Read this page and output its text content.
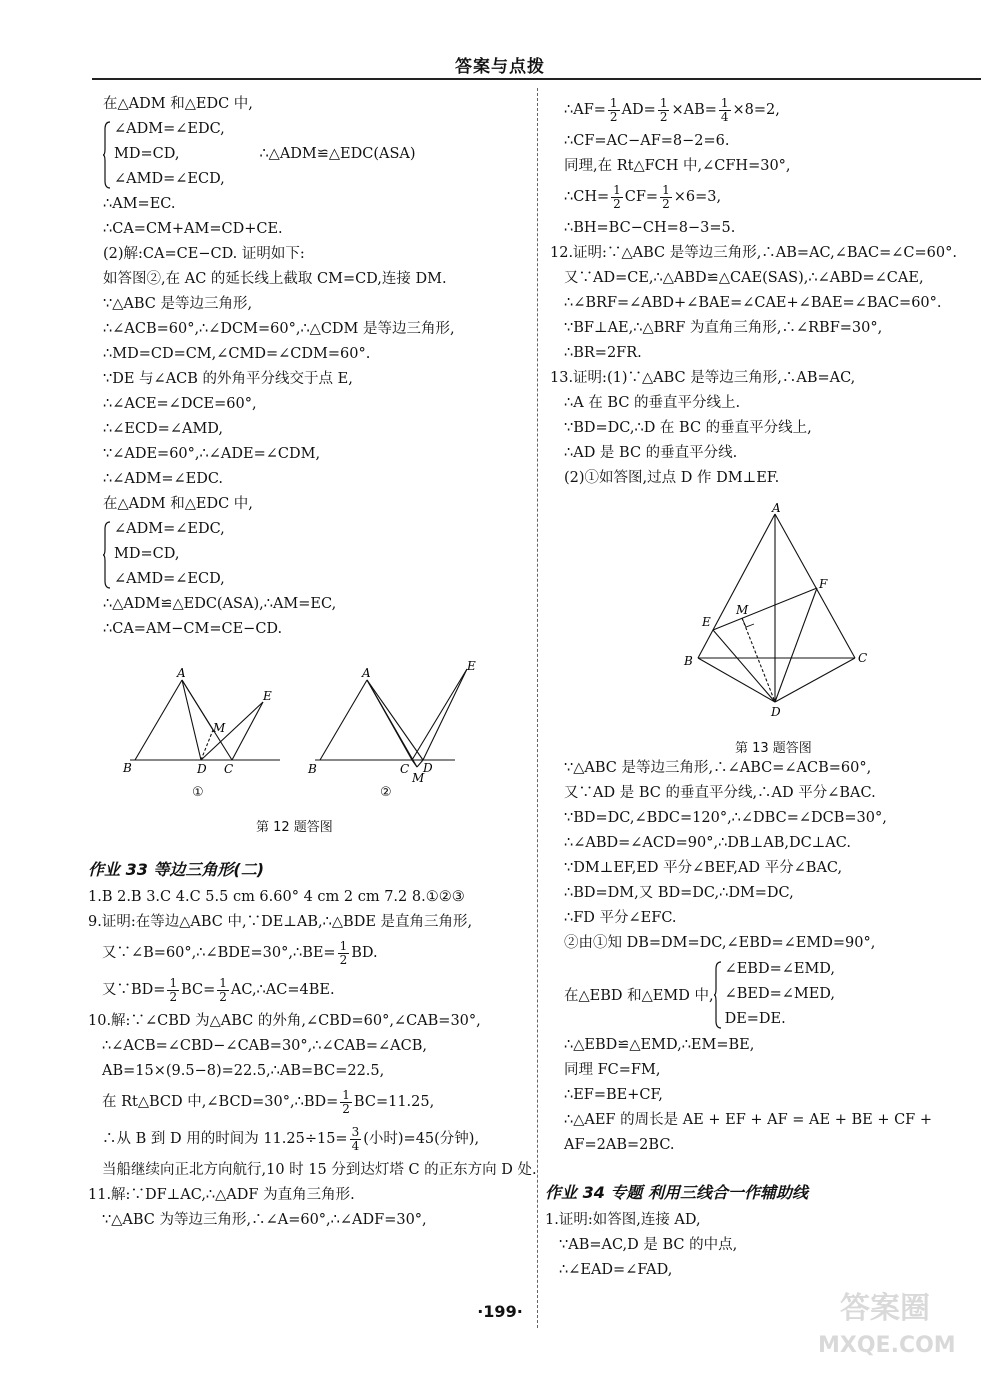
答案与点拨
在△ADM 和△EDC 中,
∠ADM=∠EDC,
MD=CD,	∴△ADM≌△EDC(ASA)
∠AMD=∠ECD,
∴AM=EC.
∴CA=CM+AM=CD+CE.
(2)解:CA=CE−CD. 证明如下:
如答图②,在 AC 的延长线上截取 CM=CD,连接 DM.
∵△ABC 是等边三角形,
∴∠ACB=60°,∴∠DCM=60°,∴△CDM 是等边三角形,
∴MD=CD=CM,∠CMD=∠CDM=60°.
∵DE 与∠ACB 的外角平分线交于点 E,
∴∠ACE=∠DCE=60°,
∴∠ECD=∠AMD,
∵∠ADE=60°,∴∠ADE=∠CDM,
∴∠ADM=∠EDC.
在△ADM 和△EDC 中,
∠ADM=∠EDC,
MD=CD,
∠AMD=∠ECD,
∴△ADM≌△EDC(ASA),∴AM=EC,
∴CA=AM−CM=CE−CD.
A
B	D C
E
M
A
B	C D
M
E
①	②
第 12 题答图
作业 33 等边三角形(二)
1.B 2.B 3.C 4.C 5.5 cm 6.60° 4 cm 2 cm 7.2 8.①②③
9.证明:在等边△ABC 中,∵DE⊥AB,∴△BDE 是直角三角形,
又∵∠B=60°,∴∠BDE=30°,∴BE= $\frac{1}{2}$ BD.
又∵BD= $\frac{1}{2} BC= \frac{1}{2}$ AC,∴AC=4BE.
10.解:∵∠CBD 为△ABC 的外角,∠CBD=60°,∠CAB=30°,
∴∠ACB=∠CBD−∠CAB=30°,∴∠CAB=∠ACB,
AB=15×(9.5−8)=22.5,∴AB=BC=22.5,
在 Rt△BCD 中,∠BCD=30°,∴BD= $\frac{1}{2} BC=11.25$,
∴从 B 到 D 用的时间为 $11.25\div 15= \frac{3}{4}$ (小时)=45(分钟),
当船继续向正北方向航行,10 时 15 分到达灯塔 C 的正东方向 D 处.
11.解:∵DF⊥AC,∴△ADF 为直角三角形.
∵△ABC 为等边三角形,∴∠A=60°,∴∠ADF=30°,
∴AF= $\frac{1}{2} AD= \frac{1}{2} \times AB= \frac{1}{4} \times 8=2$,
∴CF=AC−AF=8−2=6.
同理,在 Rt△FCH 中,∠CFH=30°,
∴CH= $\frac{1}{2} CF= \frac{1}{2} \times 6=3$,
∴BH=BC−CH=8−3=5.
12.证明:∵△ABC 是等边三角形,∴AB=AC,∠BAC=∠C=60°.
又∵AD=CE,∴△ABD≌△CAE(SAS),∴∠ABD=∠CAE,
∴∠BRF=∠ABD+∠BAE=∠CAE+∠BAE=∠BAC=60°.
∵BF⊥AE,∴△BRF 为直角三角形,∴∠RBF=30°,
∴BR=2FR.
13.证明:(1)∵△ABC 是等边三角形,∴AB=AC,
∴A 在 BC 的垂直平分线上.
∵BD=DC,∴D 在 BC 的垂直平分线上,
∴AD 是 BC 的垂直平分线.
(2)①如答图,过点 D 作 DM⊥EF.
A
B	C
D
E
F
M
第 13 题答图
∵△ABC 是等边三角形,∴∠ABC=∠ACB=60°,
又∵AD 是 BC 的垂直平分线,∴AD 平分∠BAC.
∵BD=DC,∠BDC=120°,∴∠DBC=∠DCB=30°,
∴∠ABD=∠ACD=90°,∴DB⊥AB,DC⊥AC.
∵DM⊥EF,ED 平分∠BEF,AD 平分∠BAC,
∴BD=DM,又 BD=DC,∴DM=DC,
∴FD 平分∠EFC.
②由①知 DB=DM=DC,∠EBD=∠EMD=90°,
在△EBD 和△EMD 中,
∠EBD=∠EMD,
∠BED=∠MED,
DE=DE.
∴△EBD≌△EMD,∴EM=BE,
同理 FC=FM,
∴EF=BE+CF,
∴△AEF 的周长是 AE + EF + AF = AE + BE + CF + AF=2AB=2BC.
作业 34 专题 利用三线合一作辅助线
1.证明:如答图,连接 AD,
∵AB=AC,D 是 BC 的中点,
∴∠EAD=∠FAD,
·199·	答案圈
MXQE.COM
